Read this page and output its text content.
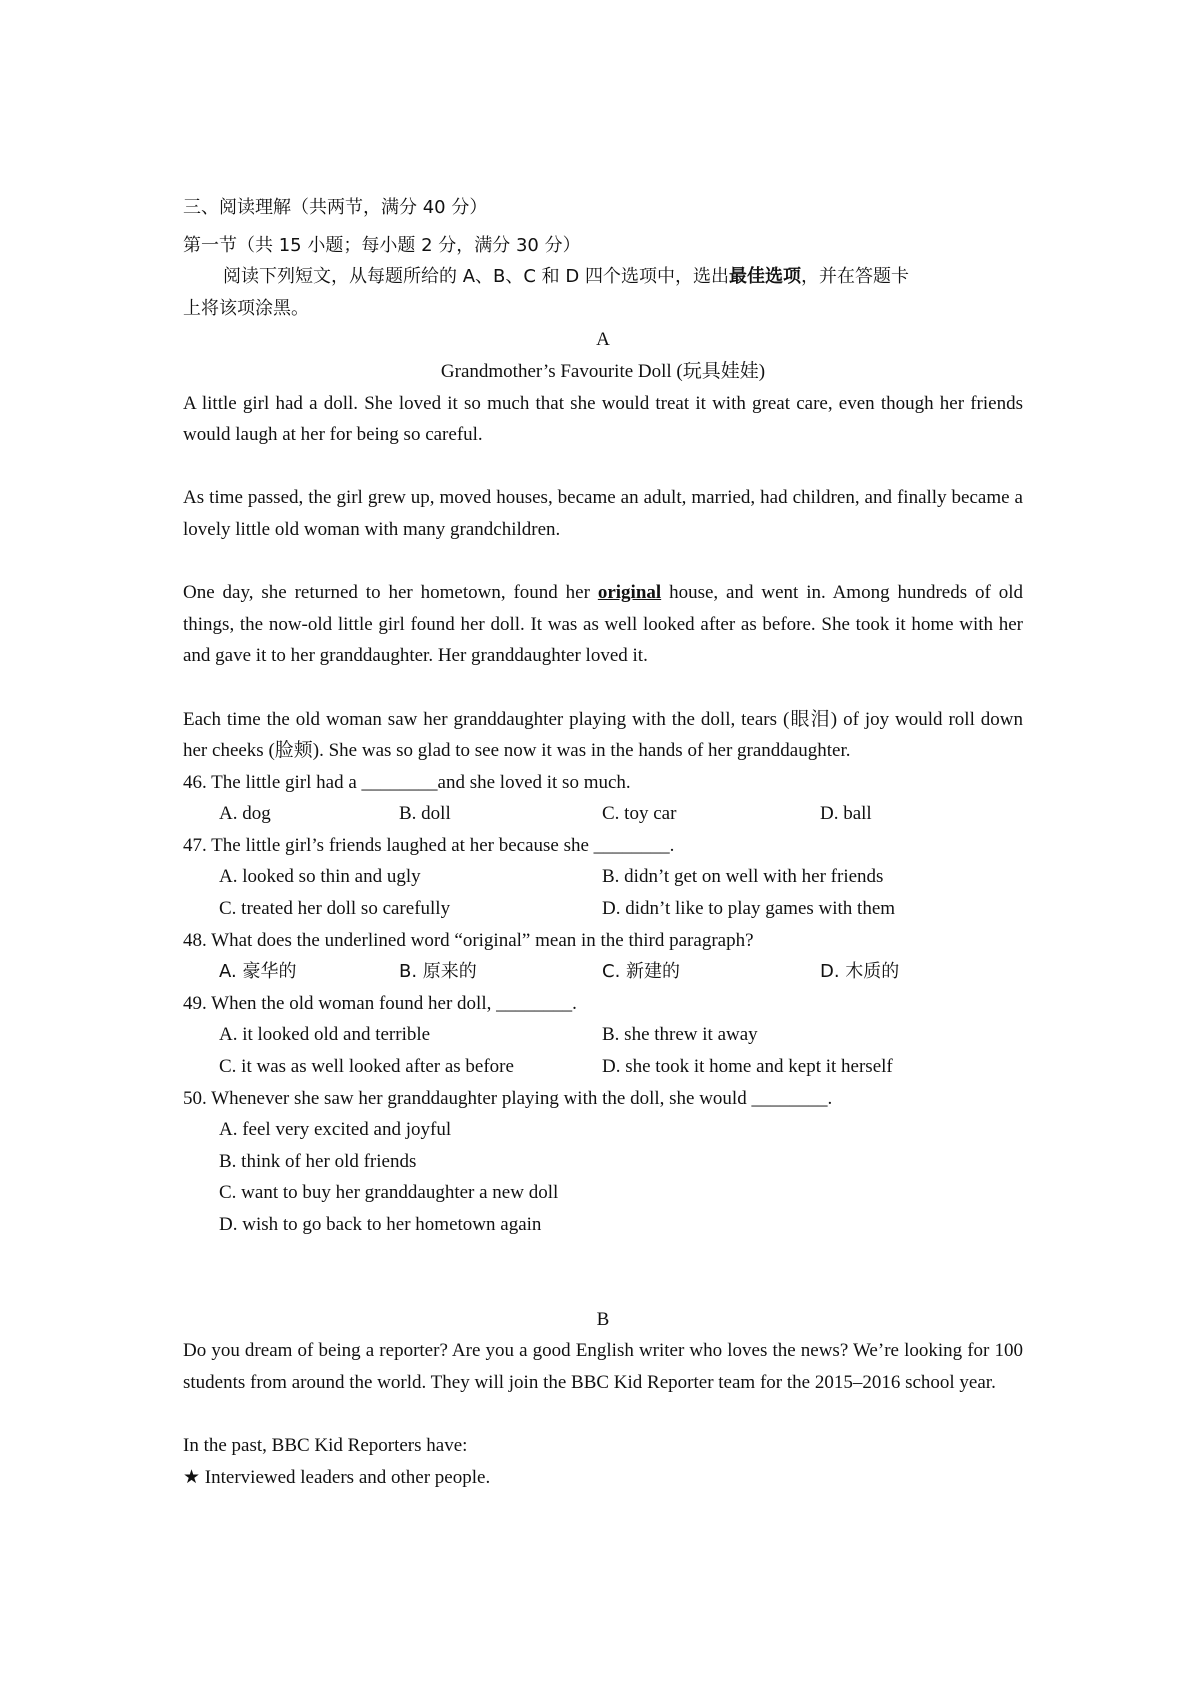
三、阅读理解（共两节，满分 40 分）
第一节（共 15 小题；每小题 2 分，满分 30 分）
阅读下列短文，从每题所给的 A、B、C 和 D 四个选项中，选出最佳选项，并在答题卡
上将该项涂黑。
A
Grandmother’s Favourite Doll (玩具娃娃)
A little girl had a doll. She loved it so much that she would treat it with great care, even though her friends would laugh at her for being so careful.
As time passed, the girl grew up, moved houses, became an adult, married, had children, and finally became a lovely little old woman with many grandchildren.
One day, she returned to her hometown, found her original house, and went in. Among hundreds of old things, the now-old little girl found her doll. It was as well looked after as before. She took it home with her and gave it to her granddaughter. Her granddaughter loved it.
Each time the old woman saw her granddaughter playing with the doll, tears (眼泪) of joy would roll down her cheeks (脸颊). She was so glad to see now it was in the hands of her granddaughter.
46. The little girl had a ________and she loved it so much.
A. dog	B. doll	C. toy car	D. ball
47. The little girl’s friends laughed at her because she ________.
A. looked so thin and ugly	B. didn’t get on well with her friends
C. treated her doll so carefully	D. didn’t like to play games with them
48. What does the underlined word “original” mean in the third paragraph?
A. 豪华的	B. 原来的	C. 新建的	D. 木质的
49. When the old woman found her doll, ________.
A. it looked old and terrible	B. she threw it away
C. it was as well looked after as before	D. she took it home and kept it herself
50. Whenever she saw her granddaughter playing with the doll, she would ________.
A. feel very excited and joyful
B. think of her old friends
C. want to buy her granddaughter a new doll
D. wish to go back to her hometown again
B
Do you dream of being a reporter? Are you a good English writer who loves the news? We’re looking for 100 students from around the world. They will join the BBC Kid Reporter team for the 2015–2016 school year.
In the past, BBC Kid Reporters have:
★ Interviewed leaders and other people.
